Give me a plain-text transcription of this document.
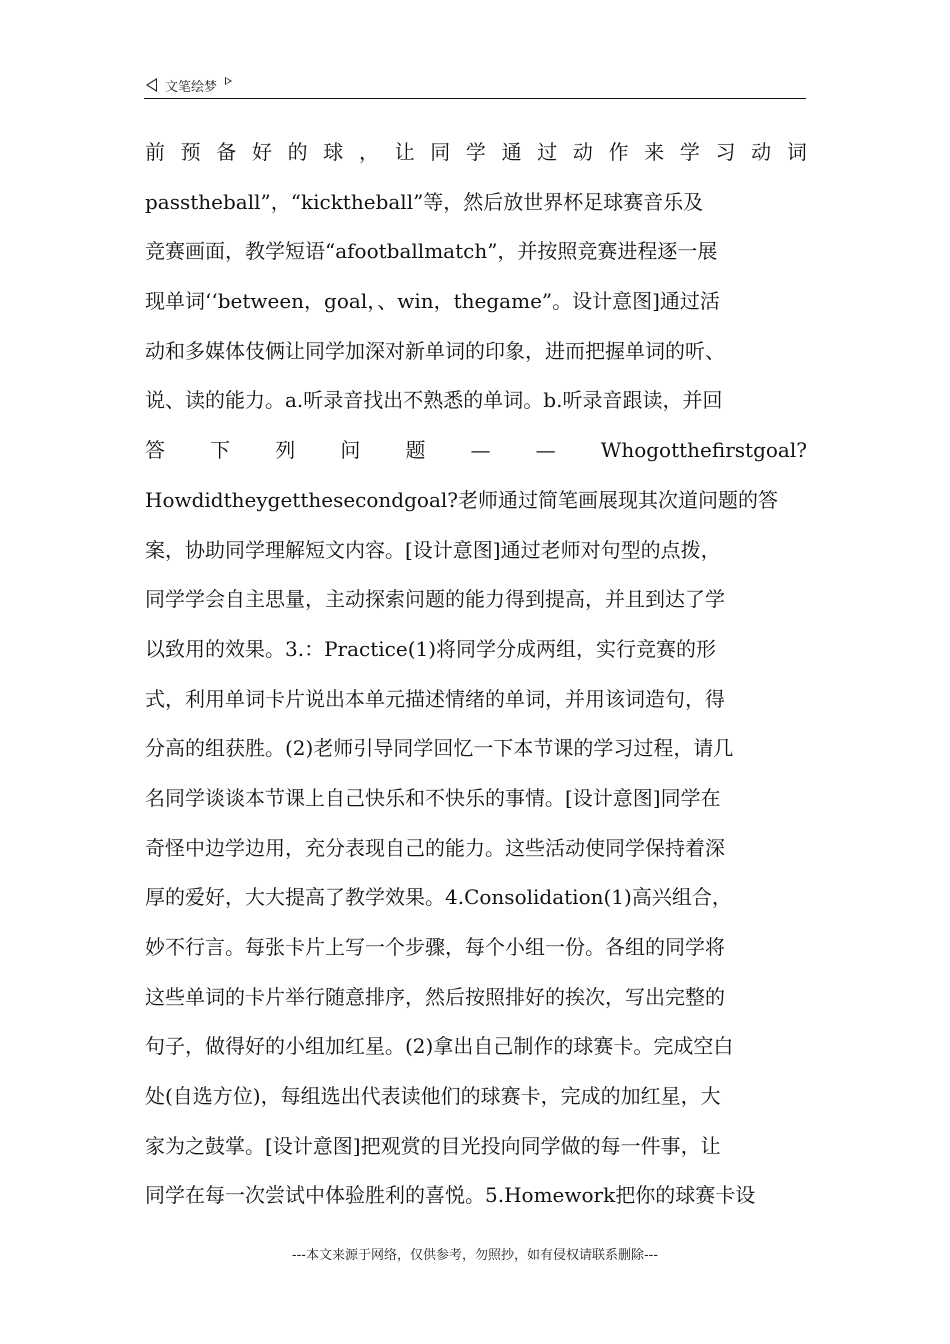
文笔绘梦
前 预 备 好 的 球 ， 让 同 学 通 过 动 作 来 学 习 动 词
passtheball”，“kicktheball”等，然后放世界杯足球赛音乐及
竞赛画面，教学短语“afootballmatch”，并按照竞赛进程逐一展
现单词‘‘between，goal，、win，thegame”。设计意图]通过活
动和多媒体伎俩让同学加深对新单词的印象，进而把握单词的听、
说、读的能力。a.听录音找出不熟悉的单词。b.听录音跟读，并回
答 下 列 问 题 — — Whogotthefirstgoal?
Howdidtheygetthesecondgoal?老师通过简笔画展现其次道问题的答
案，协助同学理解短文内容。[设计意图]通过老师对句型的点拨，
同学学会自主思量，主动探索问题的能力得到提高，并且到达了学
以致用的效果。3.：Practice(1)将同学分成两组，实行竞赛的形
式，利用单词卡片说出本单元描述情绪的单词，并用该词造句，得
分高的组获胜。(2)老师引导同学回忆一下本节课的学习过程，请几
名同学谈谈本节课上自己快乐和不快乐的事情。[设计意图]同学在
奇怪中边学边用，充分表现自己的能力。这些活动使同学保持着深
厚的爱好，大大提高了教学效果。4.Consolidation(1)高兴组合，
妙不行言。每张卡片上写一个步骤，每个小组一份。各组的同学将
这些单词的卡片举行随意排序，然后按照排好的挨次，写出完整的
句子，做得好的小组加红星。(2)拿出自己制作的球赛卡。完成空白
处(自选方位)，每组选出代表读他们的球赛卡，完成的加红星，大
家为之鼓掌。[设计意图]把观赏的目光投向同学做的每一件事，让
同学在每一次尝试中体验胜利的喜悦。5.Homework把你的球赛卡设
---本文来源于网络，仅供参考，勿照抄，如有侵权请联系删除---
